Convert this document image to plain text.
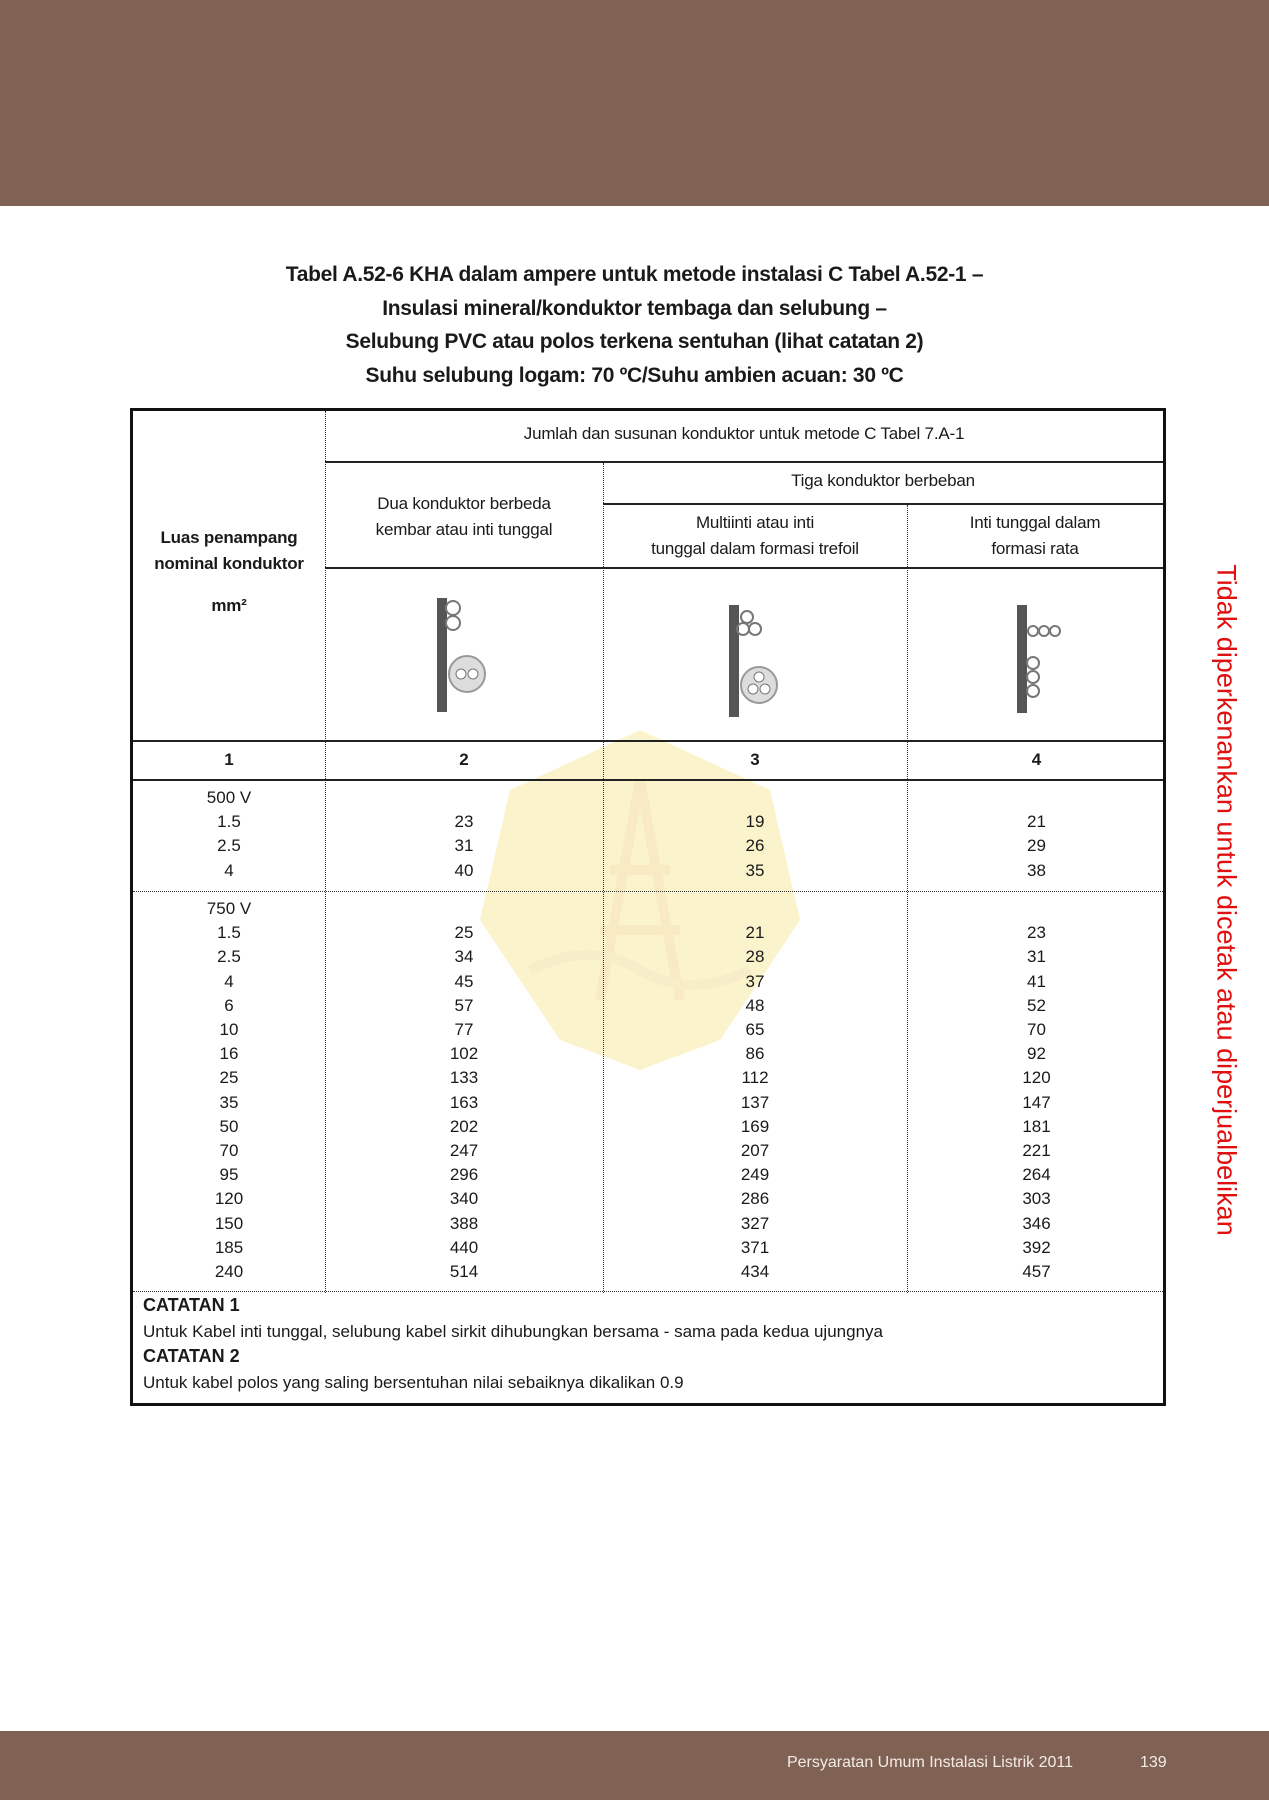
Tabel A.52-6 KHA dalam ampere untuk metode instalasi C Tabel A.52-1 –
Insulasi mineral/konduktor tembaga dan selubung –
Selubung PVC atau polos terkena sentuhan (lihat catatan 2)
Suhu selubung logam: 70 ºC/Suhu ambien acuan: 30 ºC
Luas penampang
nominal konduktor
mm²
Jumlah dan susunan konduktor untuk metode C Tabel 7.A-1
Dua konduktor berbeda
kembar atau inti tunggal
Tiga konduktor berbeban
Multiinti atau inti
tunggal dalam formasi trefoil
Inti tunggal dalam
formasi rata
1	2	3	4
500 V
1.5	23	19	21
2.5	31	26	29
4	40	35	38
750 V
1.5	25	21	23
2.5	34	28	31
4	45	37	41
6	57	48	52
10	77	65	70
16	102	86	92
25	133	112	120
35	163	137	147
50	202	169	181
70	247	207	221
95	296	249	264
120	340	286	303
150	388	327	346
185	440	371	392
240	514	434	457
CATATAN 1
Untuk Kabel inti tunggal, selubung kabel sirkit dihubungkan bersama - sama pada kedua ujungnya
CATATAN 2
Untuk kabel polos yang saling bersentuhan nilai sebaiknya dikalikan 0.9
Tidak diperkenankan untuk dicetak atau diperjualbelikan
Persyaratan Umum Instalasi Listrik 2011	139
